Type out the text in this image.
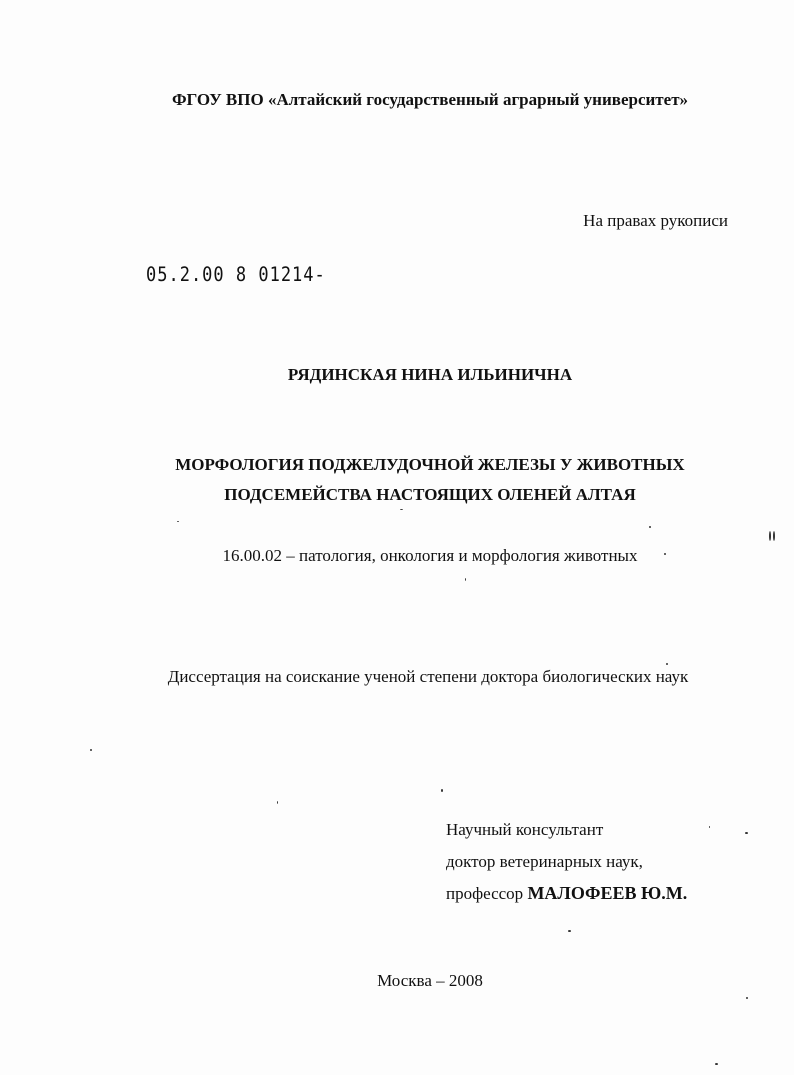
ФГОУ ВПО «Алтайский государственный аграрный университет»
На правах рукописи
05.2.00 8 01214-
РЯДИНСКАЯ НИНА ИЛЬИНИЧНА
МОРФОЛОГИЯ ПОДЖЕЛУДОЧНОЙ ЖЕЛЕЗЫ У ЖИВОТНЫХ
ПОДСЕМЕЙСТВА НАСТОЯЩИХ ОЛЕНЕЙ АЛТАЯ
16.00.02 – патология, онкология и морфология животных
Диссертация на соискание ученой степени доктора биологических наук
Научный консультант
доктор ветеринарных наук,
профессор МАЛОФЕЕВ Ю.М.
Москва – 2008
